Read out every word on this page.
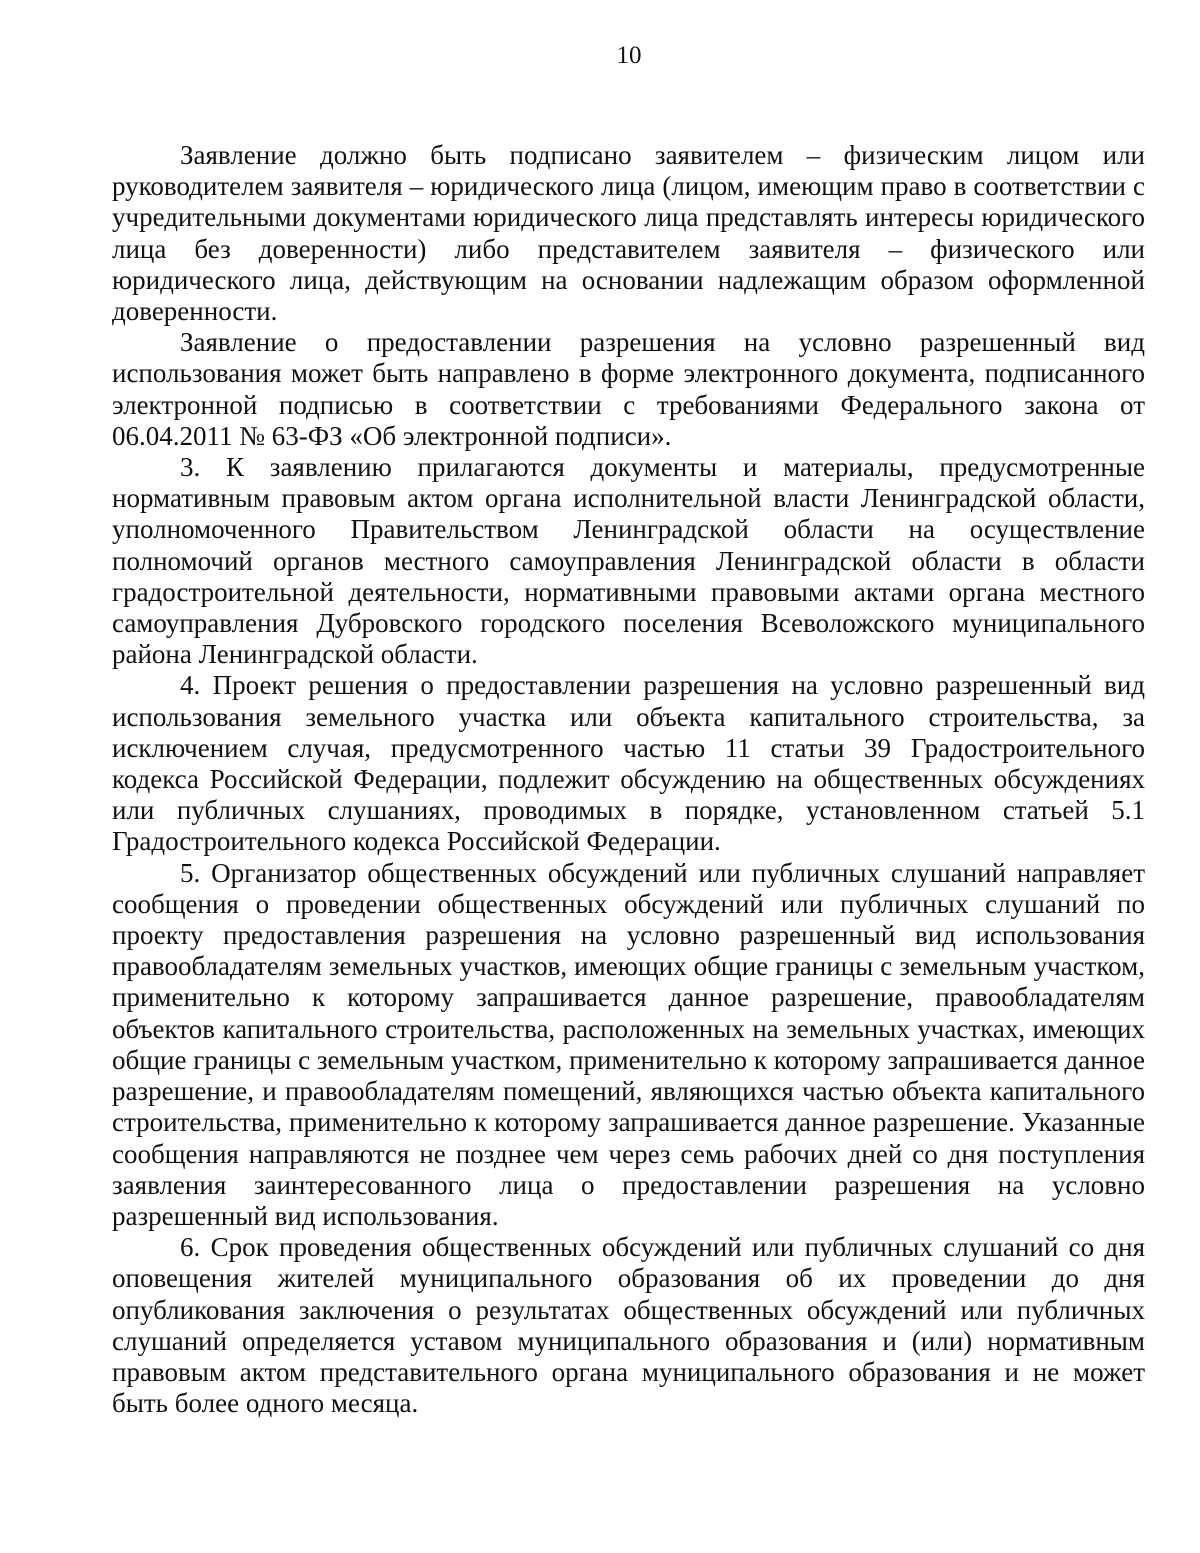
10

Заявление должно быть подписано заявителем – физическим лицом или руководителем заявителя – юридического лица (лицом, имеющим право в соответствии с учредительными документами юридического лица представлять интересы юридического лица без доверенности) либо представителем заявителя – физического или юридического лица, действующим на основании надлежащим образом оформленной доверенности.

Заявление о предоставлении разрешения на условно разрешенный вид использования может быть направлено в форме электронного документа, подписанного электронной подписью в соответствии с требованиями Федерального закона от 06.04.2011 № 63-ФЗ «Об электронной подписи».

3. К заявлению прилагаются документы и материалы, предусмотренные нормативным правовым актом органа исполнительной власти Ленинградской области, уполномоченного Правительством Ленинградской области на осуществление полномочий органов местного самоуправления Ленинградской области в области градостроительной деятельности, нормативными правовыми актами органа местного самоуправления Дубровского городского поселения Всеволожского муниципального района Ленинградской области.

4. Проект решения о предоставлении разрешения на условно разрешенный вид использования земельного участка или объекта капитального строительства, за исключением случая, предусмотренного частью 11 статьи 39 Градостроительного кодекса Российской Федерации, подлежит обсуждению на общественных обсуждениях или публичных слушаниях, проводимых в порядке, установленном статьей 5.1 Градостроительного кодекса Российской Федерации.

5. Организатор общественных обсуждений или публичных слушаний направляет сообщения о проведении общественных обсуждений или публичных слушаний по проекту предоставления разрешения на условно разрешенный вид использования правообладателям земельных участков, имеющих общие границы с земельным участком, применительно к которому запрашивается данное разрешение, правообладателям объектов капитального строительства, расположенных на земельных участках, имеющих общие границы с земельным участком, применительно к которому запрашивается данное разрешение, и правообладателям помещений, являющихся частью объекта капитального строительства, применительно к которому запрашивается данное разрешение. Указанные сообщения направляются не позднее чем через семь рабочих дней со дня поступления заявления заинтересованного лица о предоставлении разрешения на условно разрешенный вид использования.

6. Срок проведения общественных обсуждений или публичных слушаний со дня оповещения жителей муниципального образования об их проведении до дня опубликования заключения о результатах общественных обсуждений или публичных слушаний определяется уставом муниципального образования и (или) нормативным правовым актом представительного органа муниципального образования и не может быть более одного месяца.
